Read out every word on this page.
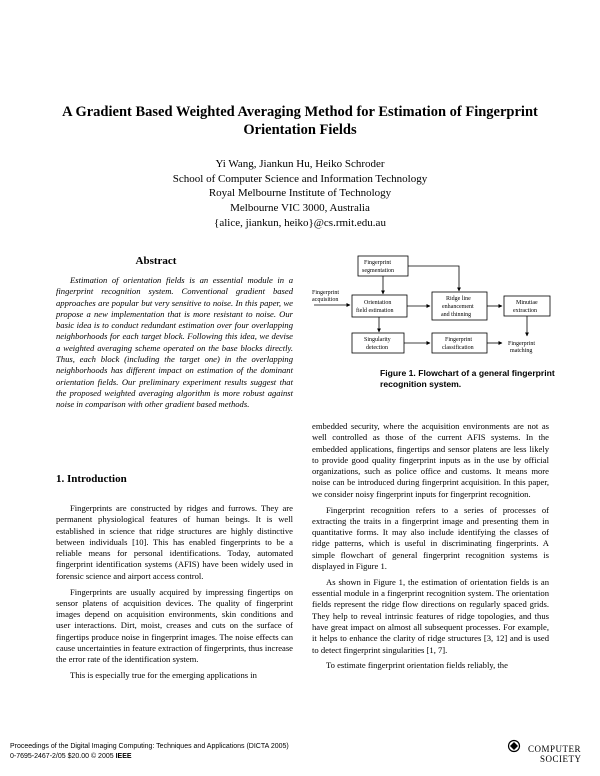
A Gradient Based Weighted Averaging Method for Estimation of Fingerprint
Orientation Fields
Yi Wang, Jiankun Hu, Heiko Schroder
School of Computer Science and Information Technology
Royal Melbourne Institute of Technology
Melbourne VIC 3000, Australia
{alice, jiankun, heiko}@cs.rmit.edu.au
Abstract

Estimation of orientation fields is an essential module in a fingerprint recognition system. Conventional gradient based approaches are popular but very sensitive to noise. In this paper, we propose a new implementation that is more resistant to noise. Our basic idea is to conduct redundant estimation over four overlapping neighborhoods for each target block. Following this idea, we devise a weighted averaging scheme operated on the base blocks directly. Thus, each block (including the target one) in the overlapping neighborhoods has different impact on estimation of the dominant orientation fields. Our preliminary experiment results suggest that the proposed weighted averaging algorithm is more robust against noise in comparison with other gradient based methods.

1. Introduction

Fingerprints are constructed by ridges and furrows. They are permanent physiological features of human beings. It is well established in science that ridge structures are highly distinctive between individuals [10]. This has enabled fingerprints to be a reliable means for personal identifications. Today, automated fingerprint identification systems (AFIS) have been widely used in forensic science and airport access control.

Fingerprints are usually acquired by impressing fingertips on sensor platens of acquisition devices. The quality of fingerprint images depend on acquisition environments, skin conditions and user interactions. Dirt, moist, creases and cuts on the surface of fingertips produce noise in fingerprint images. The noise effects can cause uncertainties in feature extraction of fingerprints, thus increase the error rate of the identification system.

This is especially true for the emerging applications in

Fingerprint
acquisition
Fingerprint
segmentation
Orientation
field estimation
Ridge line
enhancement
and thinning
Minutiae
extraction
Singularity
detection
Fingerprint
classification
Fingerprint
matching
Figure 1. Flowchart of a general fingerprint recognition system.

embedded security, where the acquisition environments are not as well controlled as those of the current AFIS systems. In the embedded applications, fingertips and sensor platens are less likely to provide good quality fingerprint inputs as in the use by official organizations, such as police office and customs. It means more noise can be introduced during fingerprint acquisition. In this paper, we consider noisy fingerprint inputs for fingerprint recognition.

Fingerprint recognition refers to a series of processes of extracting the traits in a fingerprint image and presenting them in quantitative forms. It may also include identifying the classes of ridge patterns, which is useful in discriminating fingerprints. A simple flowchart of general fingerprint recognition systems is displayed in Figure 1.

As shown in Figure 1, the estimation of orientation fields is an essential module in a fingerprint recognition system. The orientation fields represent the ridge flow directions on regularly spaced grids. They help to reveal intrinsic features of ridge topologies, and thus have great impact on almost all subsequent processes. For example, it helps to enhance the clarity of ridge structures [3, 12] and is used to detect fingerprint singularities [1, 7].

To estimate fingerprint orientation fields reliably, the

Proceedings of the Digital Imaging Computing: Techniques and Applications (DICTA 2005)
0-7695-2467-2/05 $20.00 © 2005 IEEE
COMPUTER
SOCIETY
